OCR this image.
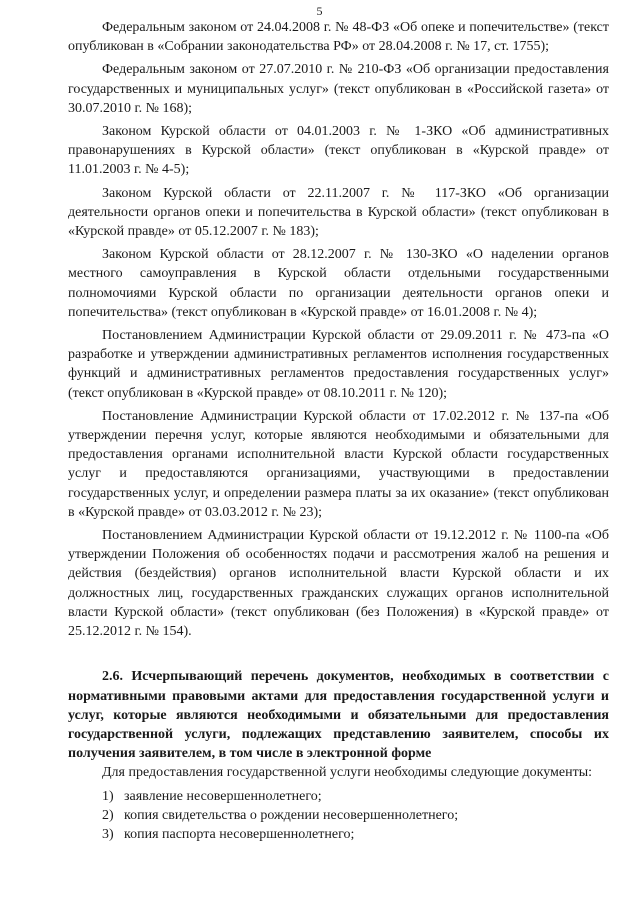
5

Федеральным законом от 24.04.2008 г. № 48-ФЗ «Об опеке и попечительстве» (текст опубликован в «Собрании законодательства РФ» от 28.04.2008 г. № 17, ст. 1755);

Федеральным законом от 27.07.2010 г. № 210-ФЗ «Об организации предоставления государственных и муниципальных услуг» (текст опубликован в «Российской газета» от 30.07.2010 г. № 168);

Законом Курской области от 04.01.2003 г. № 1-ЗКО «Об административных правонарушениях в Курской области» (текст опубликован в «Курской правде» от 11.01.2003 г. № 4-5);

Законом Курской области от 22.11.2007 г. № 117-ЗКО «Об организации деятельности органов опеки и попечительства в Курской области» (текст опубликован в «Курской правде» от 05.12.2007 г. № 183);

Законом Курской области от 28.12.2007 г. № 130-ЗКО «О наделении органов местного самоуправления в Курской области отдельными государственными полномочиями Курской области по организации деятельности органов опеки и попечительства» (текст опубликован в «Курской правде» от 16.01.2008 г. № 4);

Постановлением Администрации Курской области от 29.09.2011 г. № 473-па «О разработке и утверждении административных регламентов исполнения государственных функций и административных регламентов предоставления государственных услуг» (текст опубликован в «Курской правде» от 08.10.2011 г. № 120);

Постановление Администрации Курской области от 17.02.2012 г. № 137-па «Об утверждении перечня услуг, которые являются необходимыми и обязательными для предоставления органами исполнительной власти Курской области государственных услуг и предоставляются организациями, участвующими в предоставлении государственных услуг, и определении размера платы за их оказание» (текст опубликован в «Курской правде» от 03.03.2012 г. № 23);

Постановлением Администрации Курской области от 19.12.2012 г. № 1100-па «Об утверждении Положения об особенностях подачи и рассмотрения жалоб на решения и действия (бездействия) органов исполнительной власти Курской области и их должностных лиц, государственных гражданских служащих органов исполнительной власти Курской области» (текст опубликован (без Положения) в «Курской правде» от 25.12.2012 г. № 154).

2.6. Исчерпывающий перечень документов, необходимых в соответствии с нормативными правовыми актами для предоставления государственной услуги и услуг, которые являются необходимыми и обязательными для предоставления государственной услуги, подлежащих представлению заявителем, способы их получения заявителем, в том числе в электронной форме

Для предоставления государственной услуги необходимы следующие документы:

1) заявление несовершеннолетнего;
2) копия свидетельства о рождении несовершеннолетнего;
3) копия паспорта несовершеннолетнего;
